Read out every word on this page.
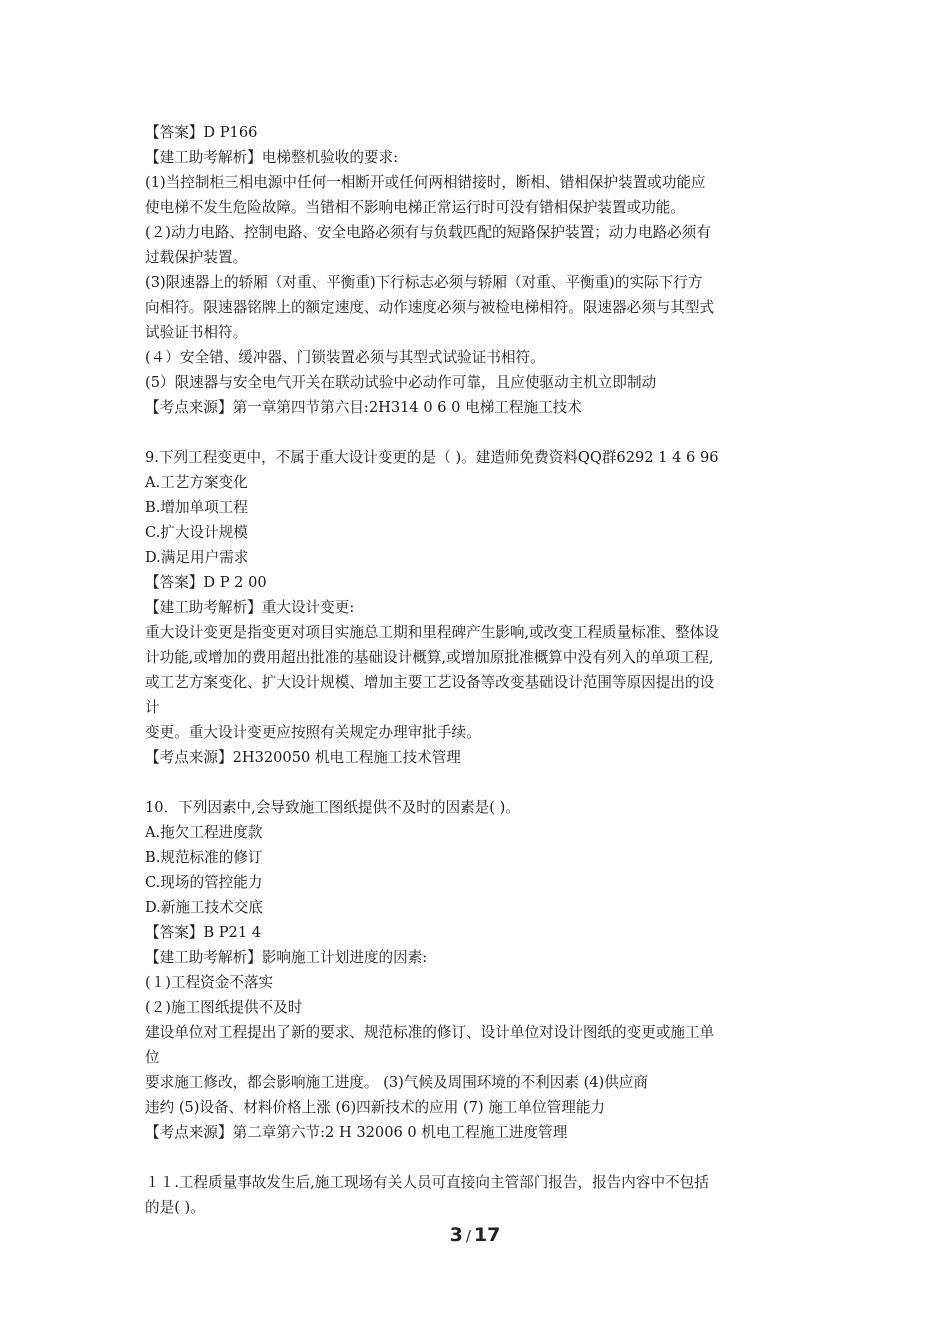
【答案】D P166
【建工助考解析】电梯整机验收的要求:
(1)当控制柜三相电源中任何一相断开或任何两相错接时，断相、错相保护装置或功能应
使电梯不发生危险故障。当错相不影响电梯正常运行时可没有错相保护装置或功能。
(２)动力电路、控制电路、安全电路必须有与负载匹配的短路保护装置；动力电路必须有
过载保护装置。
(3)限速器上的轿厢（对重、平衡重)下行标志必须与轿厢（对重、平衡重)的实际下行方
向相符。限速器铭牌上的额定速度、动作速度必须与被检电梯相符。限速器必须与其型式
试验证书相符。
(４）安全错、缓冲器、门锁装置必须与其型式试验证书相符。
(5）限速器与安全电气开关在联动试验中必动作可靠，且应使驱动主机立即制动
【考点来源】第一章第四节第六目:2H314 0 6 0 电梯工程施工技术
9.下列工程变更中，不属于重大设计变更的是（ )。建造师免费资料QQ群6292 1 4 6 96
A.工艺方案变化
B.增加单项工程
C.扩大设计规模
D.满足用户需求
【答案】D P 2 00
【建工助考解析】重大设计变更:
重大设计变更是指变更对项目实施总工期和里程碑产生影响,或改变工程质量标准、整体设
计功能,或增加的费用超出批准的基础设计概算,或增加原批准概算中没有列入的单项工程,
或工艺方案变化、扩大设计规模、增加主要工艺设备等改变基础设计范围等原因提出的设
计
变更。重大设计变更应按照有关规定办理审批手续。
【考点来源】2H320050 机电工程施工技术管理
10．下列因素中,会导致施工图纸提供不及时的因素是( )。
A.拖欠工程进度款
B.规范标准的修订
C.现场的管控能力
D.新施工技术交底
【答案】B P21 4
【建工助考解析】影响施工计划进度的因素:
(１)工程资金不落实
(２)施工图纸提供不及时
建设单位对工程提出了新的要求、规范标准的修订、设计单位对设计图纸的变更或施工单
位
要求施工修改，都会影响施工进度。 (3)气候及周围环境的不利因素 (4)供应商
违约 (5)设备、材料价格上涨 (6)四新技术的应用 (7) 施工单位管理能力
【考点来源】第二章第六节:2 H 32006 0 机电工程施工进度管理
１１.工程质量事故发生后,施工现场有关人员可直接向主管部门报告，报告内容中不包括
的是( )。
3 / 17
